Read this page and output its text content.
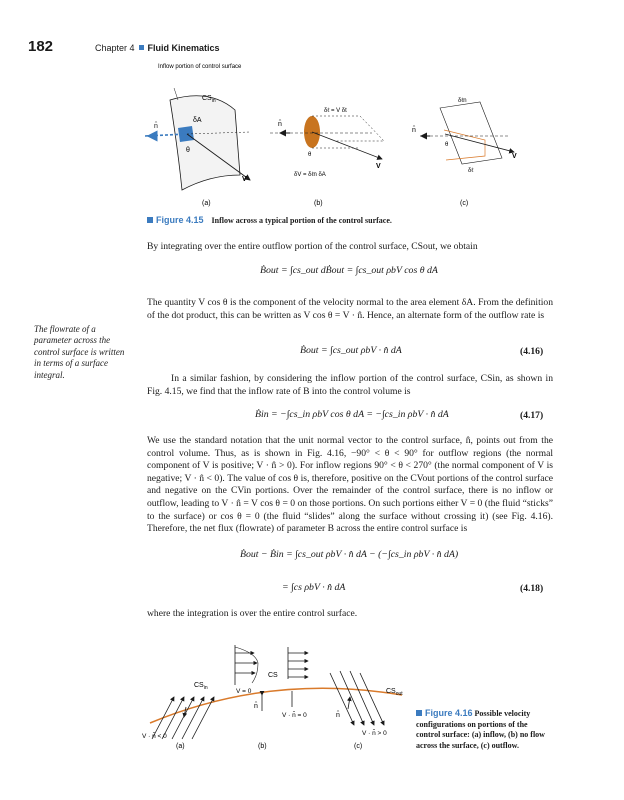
182	Chapter 4 Fluid Kinematics
Inflow portion of control surface
$CS_{in}$
δA
n̂
θ
V
(a)
δℓ = V δt
n̂
θ
V
δV = δℓn δA
(b)
δℓn
n̂
θ
V
δℓ
(c)
Figure 4.15 Inflow across a typical portion of the control surface.
By integrating over the entire outflow portion of the control surface, CSout, we obtain
Ḃout = ∫cs_out dḂout = ∫cs_out ρbV cos θ dA
The quantity V cos θ is the component of the velocity normal to the area element δA. From the definition of the dot product, this can be written as V cos θ = V · n̂. Hence, an alternate form of the outflow rate is
The flowrate of a parameter across the control surface is written in terms of a surface integral.
Ḃout = ∫cs_out ρbV · n̂ dA	(4.16)
In a similar fashion, by considering the inflow portion of the control surface, CSin, as shown in Fig. 4.15, we find that the inflow rate of B into the control volume is
Ḃin = −∫cs_in ρbV cos θ dA = −∫cs_in ρbV · n̂ dA	(4.17)
We use the standard notation that the unit normal vector to the control surface, n̂, points out from the control volume. Thus, as is shown in Fig. 4.16, −90° < θ < 90° for outflow regions (the normal component of V is positive; V · n̂ > 0). For inflow regions 90° < θ < 270° (the normal component of V is negative; V · n̂ < 0). The value of cos θ is, therefore, positive on the CVout portions of the control surface and negative on the CVin portions. Over the remainder of the control surface, there is no inflow or outflow, leading to V · n̂ = V cos θ = 0 on those portions. On such portions either V = 0 (the fluid “sticks” to the surface) or cos θ = 0 (the fluid “slides” along the surface without crossing it) (see Fig. 4.16). Therefore, the net flux (flowrate) of parameter B across the entire control surface is
Ḃout − Ḃin = ∫cs_out ρbV · n̂ dA − (−∫cs_in ρbV · n̂ dA)
= ∫cs ρbV · n̂ dA	(4.18)
where the integration is over the entire control surface.
$CS_{in}$
V · n̂ < 0
(a)
CS
V = 0
n̂
V · n̂ = 0
(b)
$CS_{out}$
n̂
V · n̂ > 0
(c)
Figure 4.16 Possible velocity configurations on portions of the control surface: (a) inflow, (b) no flow across the surface, (c) outflow.
